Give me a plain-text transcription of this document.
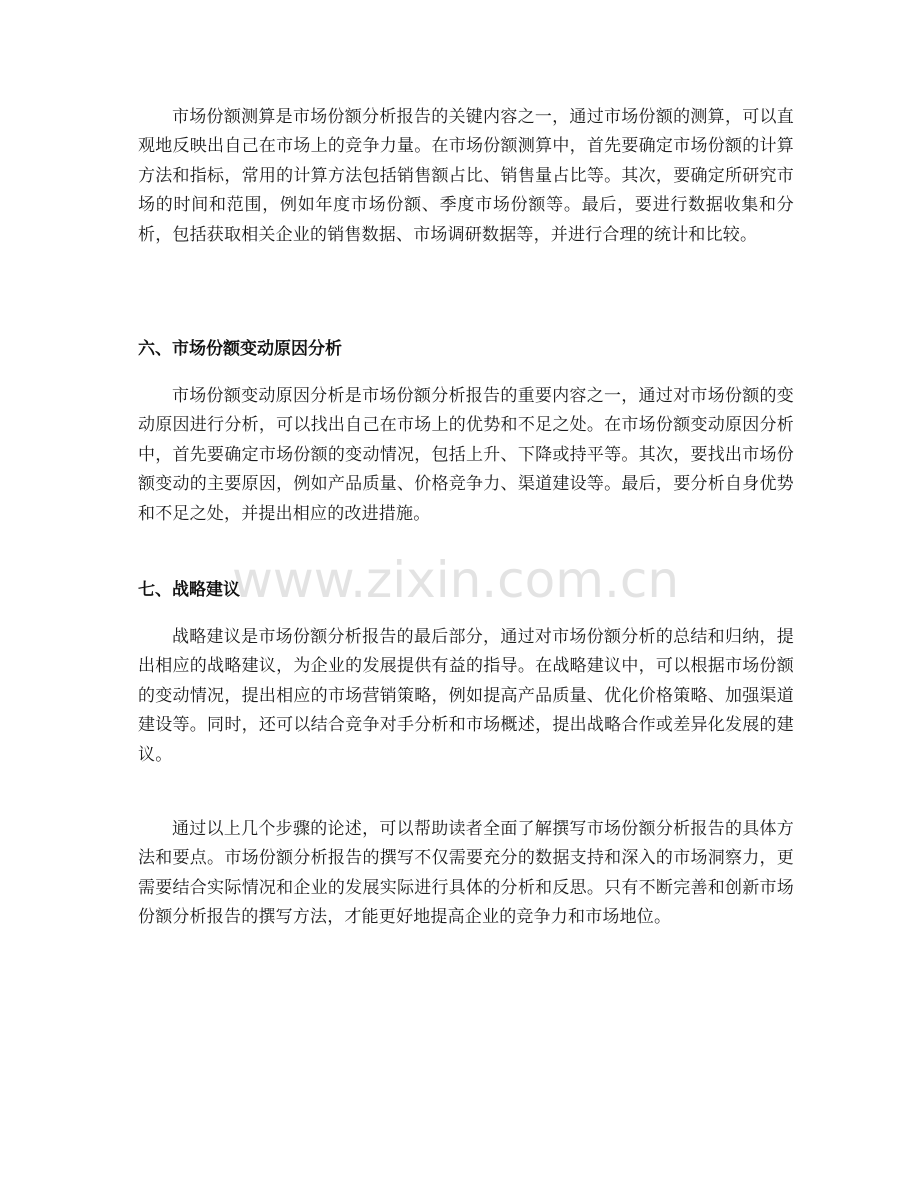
市场份额测算是市场份额分析报告的关键内容之一，通过市场份额的测算，可以直观地反映出自己在市场上的竞争力量。在市场份额测算中，首先要确定市场份额的计算方法和指标，常用的计算方法包括销售额占比、销售量占比等。其次，要确定所研究市场的时间和范围，例如年度市场份额、季度市场份额等。最后，要进行数据收集和分析，包括获取相关企业的销售数据、市场调研数据等，并进行合理的统计和比较。

六、市场份额变动原因分析

市场份额变动原因分析是市场份额分析报告的重要内容之一，通过对市场份额的变动原因进行分析，可以找出自己在市场上的优势和不足之处。在市场份额变动原因分析中，首先要确定市场份额的变动情况，包括上升、下降或持平等。其次，要找出市场份额变动的主要原因，例如产品质量、价格竞争力、渠道建设等。最后，要分析自身优势和不足之处，并提出相应的改进措施。

www.zixin.com.cn
七、战略建议

战略建议是市场份额分析报告的最后部分，通过对市场份额分析的总结和归纳，提出相应的战略建议，为企业的发展提供有益的指导。在战略建议中，可以根据市场份额的变动情况，提出相应的市场营销策略，例如提高产品质量、优化价格策略、加强渠道建设等。同时，还可以结合竞争对手分析和市场概述，提出战略合作或差异化发展的建议。

通过以上几个步骤的论述，可以帮助读者全面了解撰写市场份额分析报告的具体方法和要点。市场份额分析报告的撰写不仅需要充分的数据支持和深入的市场洞察力，更需要结合实际情况和企业的发展实际进行具体的分析和反思。只有不断完善和创新市场份额分析报告的撰写方法，才能更好地提高企业的竞争力和市场地位。
